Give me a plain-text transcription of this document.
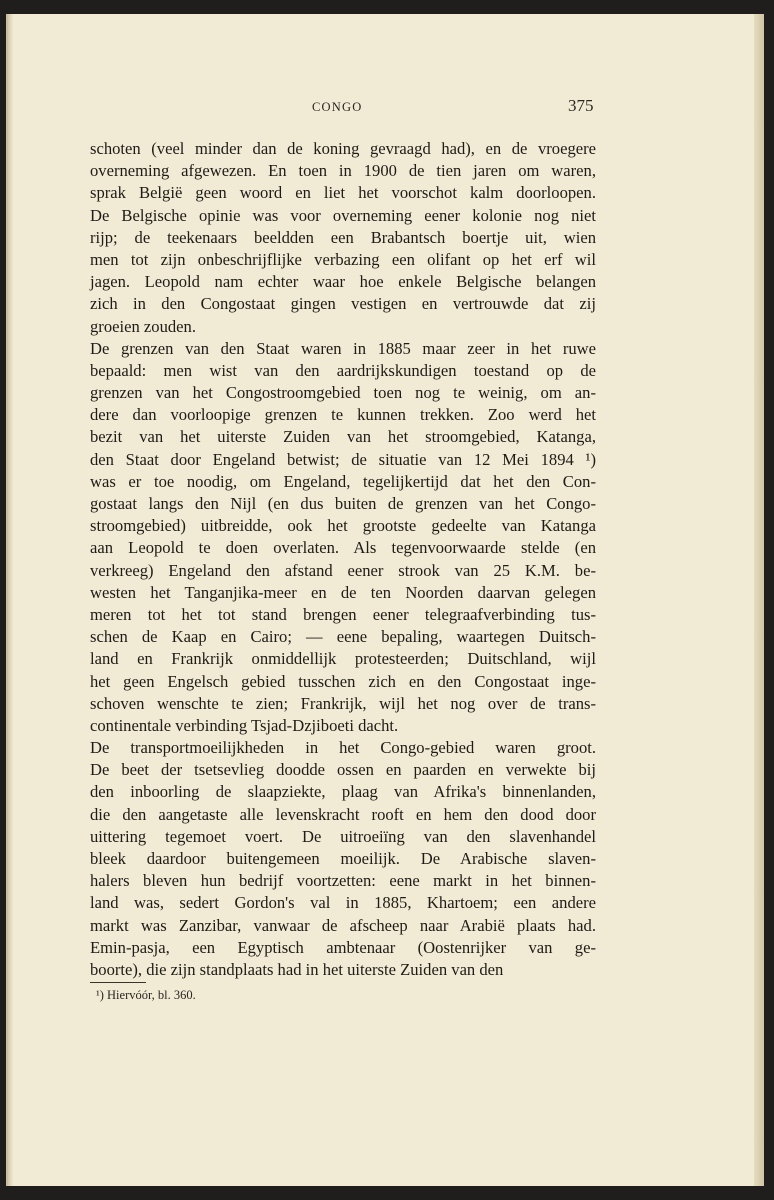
CONGO	375

schoten (veel minder dan de koning gevraagd had), en de vroegere
overneming afgewezen. En toen in 1900 de tien jaren om waren,
sprak België geen woord en liet het voorschot kalm doorloopen.
De Belgische opinie was voor overneming eener kolonie nog niet
rijp; de teekenaars beeldden een Brabantsch boertje uit, wien
men tot zijn onbeschrijflijke verbazing een olifant op het erf wil
jagen. Leopold nam echter waar hoe enkele Belgische belangen
zich in den Congostaat gingen vestigen en vertrouwde dat zij
groeien zouden.

De grenzen van den Staat waren in 1885 maar zeer in het ruwe
bepaald: men wist van den aardrijkskundigen toestand op de
grenzen van het Congostroomgebied toen nog te weinig, om an-
dere dan voorloopige grenzen te kunnen trekken. Zoo werd het
bezit van het uiterste Zuiden van het stroomgebied, Katanga,
den Staat door Engeland betwist; de situatie van 12 Mei 1894 ¹)
was er toe noodig, om Engeland, tegelijkertijd dat het den Con-
gostaat langs den Nijl (en dus buiten de grenzen van het Congo-
stroomgebied) uitbreidde, ook het grootste gedeelte van Katanga
aan Leopold te doen overlaten. Als tegenvoorwaarde stelde (en
verkreeg) Engeland den afstand eener strook van 25 K.M. be-
westen het Tanganjika-meer en de ten Noorden daarvan gelegen
meren tot het tot stand brengen eener telegraafverbinding tus-
schen de Kaap en Cairo; — eene bepaling, waartegen Duitsch-
land en Frankrijk onmiddellijk protesteerden; Duitschland, wijl
het geen Engelsch gebied tusschen zich en den Congostaat inge-
schoven wenschte te zien; Frankrijk, wijl het nog over de trans-
continentale verbinding Tsjad-Dzjiboeti dacht.

De transportmoeilijkheden in het Congo-gebied waren groot.
De beet der tsetsevlieg doodde ossen en paarden en verwekte bij
den inboorling de slaapziekte, plaag van Afrika's binnenlanden,
die den aangetaste alle levenskracht rooft en hem den dood door
uittering tegemoet voert. De uitroeiïng van den slavenhandel
bleek daardoor buitengemeen moeilijk. De Arabische slaven-
halers bleven hun bedrijf voortzetten: eene markt in het binnen-
land was, sedert Gordon's val in 1885, Khartoem; een andere
markt was Zanzibar, vanwaar de afscheep naar Arabië plaats had.
Emin-pasja, een Egyptisch ambtenaar (Oostenrijker van ge-
boorte), die zijn standplaats had in het uiterste Zuiden van den

¹) Hiervóór, bl. 360.
